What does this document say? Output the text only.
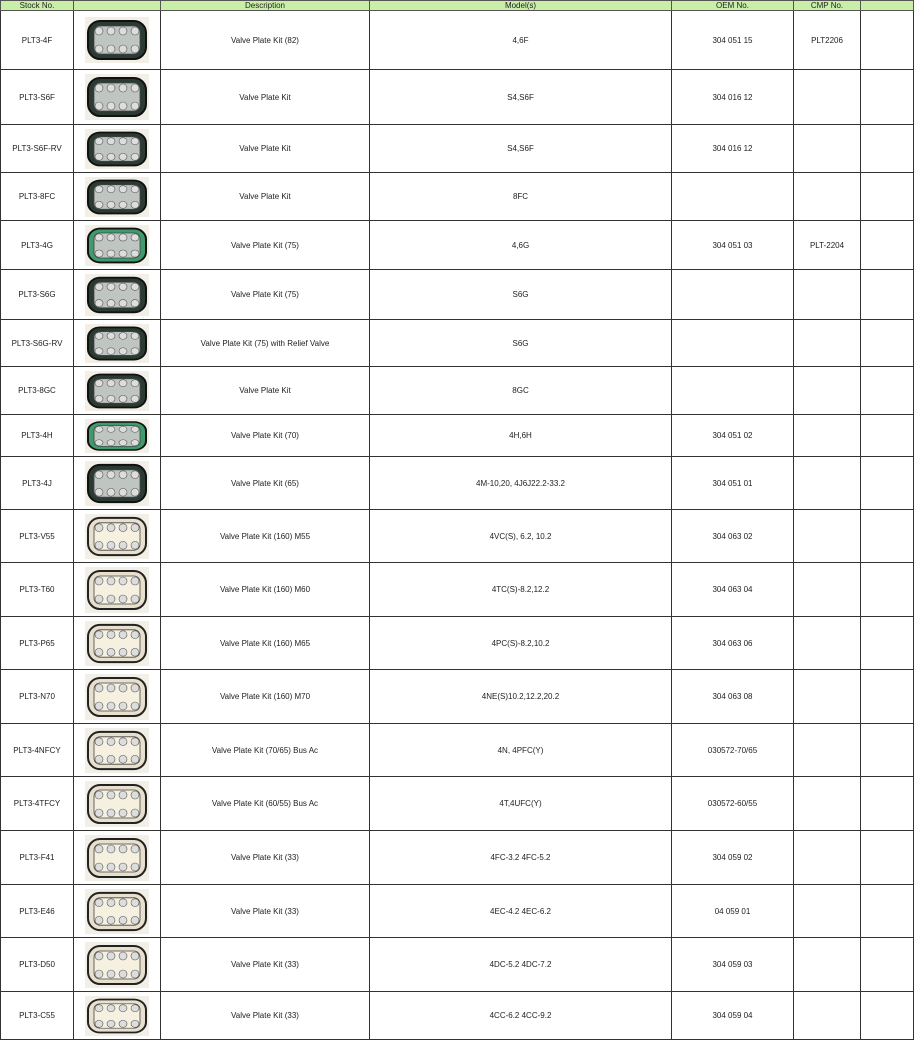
Stock No.		Description	Model(s)	OEM No.	CMP No.	
PLT3-4F		Valve Plate Kit (82)	4,6F	304 051 15	PLT2206	
PLT3-S6F		Valve Plate Kit	S4,S6F	304 016 12		
PLT3-S6F-RV		Valve Plate Kit	S4,S6F	304 016 12		
PLT3-8FC		Valve Plate Kit	8FC			
PLT3-4G		Valve Plate Kit (75)	4,6G	304 051 03	PLT-2204	
PLT3-S6G		Valve Plate Kit (75)	S6G			
PLT3-S6G-RV		Valve Plate Kit (75) with Relief Valve	S6G			
PLT3-8GC		Valve Plate Kit	8GC			
PLT3-4H		Valve Plate Kit (70)	4H,6H	304 051 02		
PLT3-4J		Valve Plate Kit (65)	4M-10,20, 4J6J22.2-33.2	304 051 01		
PLT3-V55		Valve Plate Kit (160) M55	4VC(S), 6.2, 10.2	304 063 02		
PLT3-T60		Valve Plate Kit (160) M60	4TC(S)-8.2,12.2	304 063 04		
PLT3-P65		Valve Plate Kit (160) M65	4PC(S)-8.2,10.2	304 063 06		
PLT3-N70		Valve Plate Kit (160) M70	4NE(S)10.2,12.2,20.2	304 063 08		
PLT3-4NFCY		Valve Plate Kit (70/65) Bus Ac	4N, 4PFC(Y)	030572-70/65		
PLT3-4TFCY		Valve Plate Kit (60/55) Bus Ac	4T,4UFC(Y)	030572-60/55		
PLT3-F41		Valve Plate Kit (33)	4FC-3.2 4FC-5.2	304 059 02		
PLT3-E46		Valve Plate Kit (33)	4EC-4.2 4EC-6.2	04 059 01		
PLT3-D50		Valve Plate Kit (33)	4DC-5.2 4DC-7.2	304 059 03		
PLT3-C55		Valve Plate Kit (33)	4CC-6.2 4CC-9.2	304 059 04		
